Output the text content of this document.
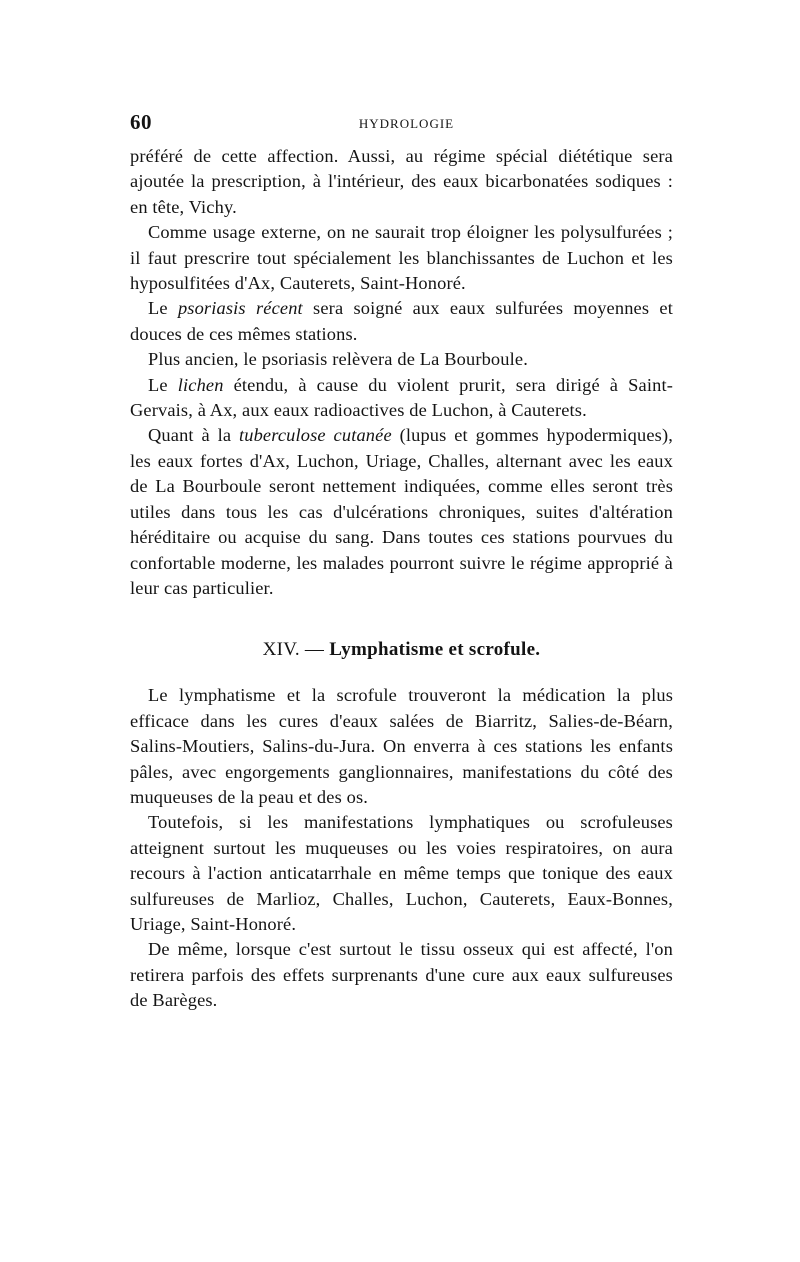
60	HYDROLOGIE

préféré de cette affection. Aussi, au régime spécial diététique sera ajoutée la prescription, à l'intérieur, des eaux bicarbonatées sodiques : en tête, Vichy.

Comme usage externe, on ne saurait trop éloigner les polysulfurées ; il faut prescrire tout spécialement les blanchissantes de Luchon et les hyposulfitées d'Ax, Cauterets, Saint-Honoré.

Le psoriasis récent sera soigné aux eaux sulfurées moyennes et douces de ces mêmes stations.

Plus ancien, le psoriasis relèvera de La Bourboule.

Le lichen étendu, à cause du violent prurit, sera dirigé à Saint-Gervais, à Ax, aux eaux radioactives de Luchon, à Cauterets.

Quant à la tuberculose cutanée (lupus et gommes hypodermiques), les eaux fortes d'Ax, Luchon, Uriage, Challes, alternant avec les eaux de La Bourboule seront nettement indiquées, comme elles seront très utiles dans tous les cas d'ulcérations chroniques, suites d'altération héréditaire ou acquise du sang. Dans toutes ces stations pourvues du confortable moderne, les malades pourront suivre le régime approprié à leur cas particulier.

XIV. — Lymphatisme et scrofule.

Le lymphatisme et la scrofule trouveront la médication la plus efficace dans les cures d'eaux salées de Biarritz, Salies-de-Béarn, Salins-Moutiers, Salins-du-Jura. On enverra à ces stations les enfants pâles, avec engorgements ganglionnaires, manifestations du côté des muqueuses de la peau et des os.

Toutefois, si les manifestations lymphatiques ou scrofuleuses atteignent surtout les muqueuses ou les voies respiratoires, on aura recours à l'action anticatarrhale en même temps que tonique des eaux sulfureuses de Marlioz, Challes, Luchon, Cauterets, Eaux-Bonnes, Uriage, Saint-Honoré.

De même, lorsque c'est surtout le tissu osseux qui est affecté, l'on retirera parfois des effets surprenants d'une cure aux eaux sulfureuses de Barèges.
